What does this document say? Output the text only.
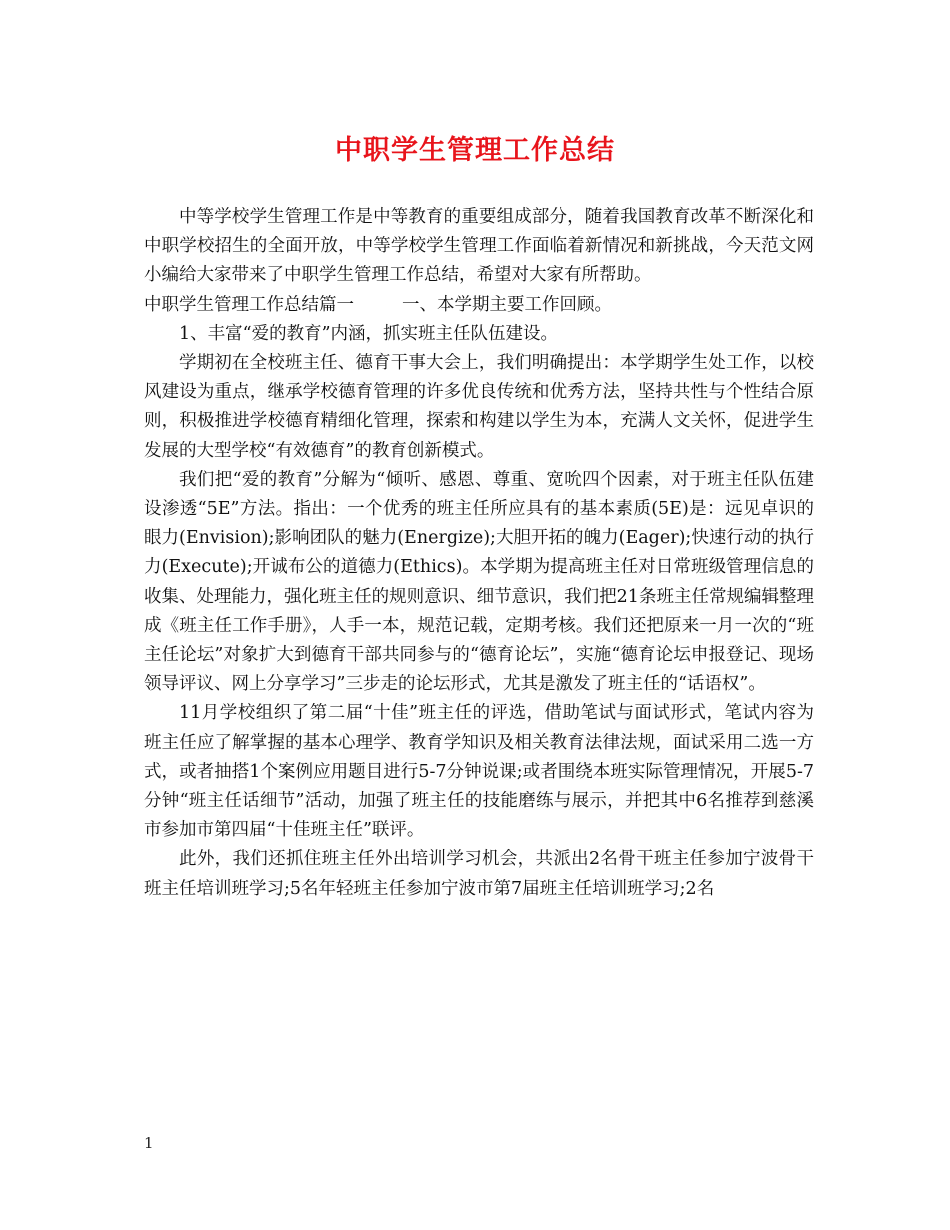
中职学生管理工作总结

中等学校学生管理工作是中等教育的重要组成部分，随着我国教育改革不断深化和中职学校招生的全面开放，中等学校学生管理工作面临着新情况和新挑战，今天范文网小编给大家带来了中职学生管理工作总结，希望对大家有所帮助。

中职学生管理工作总结篇一	一、本学期主要工作回顾。

1、丰富“爱的教育”内涵，抓实班主任队伍建设。

学期初在全校班主任、德育干事大会上，我们明确提出：本学期学生处工作，以校风建设为重点，继承学校德育管理的许多优良传统和优秀方法，坚持共性与个性结合原则，积极推进学校德育精细化管理，探索和构建以学生为本，充满人文关怀，促进学生发展的大型学校“有效德育”的教育创新模式。

我们把“爱的教育”分解为“倾听、感恩、尊重、宽吮四个因素，对于班主任队伍建设渗透“5E”方法。指出：一个优秀的班主任所应具有的基本素质(5E)是：远见卓识的眼力(Envision);影响团队的魅力(Energize);大胆开拓的魄力(Eager);快速行动的执行力(Execute);开诚布公的道德力(Ethics)。本学期为提高班主任对日常班级管理信息的收集、处理能力，强化班主任的规则意识、细节意识，我们把21条班主任常规编辑整理成《班主任工作手册》，人手一本，规范记载，定期考核。我们还把原来一月一次的“班主任论坛”对象扩大到德育干部共同参与的“德育论坛”，实施“德育论坛申报登记、现场领导评议、网上分享学习”三步走的论坛形式，尤其是激发了班主任的“话语权”。

11月学校组织了第二届“十佳”班主任的评选，借助笔试与面试形式，笔试内容为班主任应了解掌握的基本心理学、教育学知识及相关教育法律法规，面试采用二选一方式，或者抽搭1个案例应用题目进行5-7分钟说课;或者围绕本班实际管理情况，开展5-7分钟“班主任话细节”活动，加强了班主任的技能磨练与展示，并把其中6名推荐到慈溪市参加市第四届“十佳班主任”联评。

此外，我们还抓住班主任外出培训学习机会，共派出2名骨干班主任参加宁波骨干班主任培训班学习;5名年轻班主任参加宁波市第7届班主任培训班学习;2名

1
